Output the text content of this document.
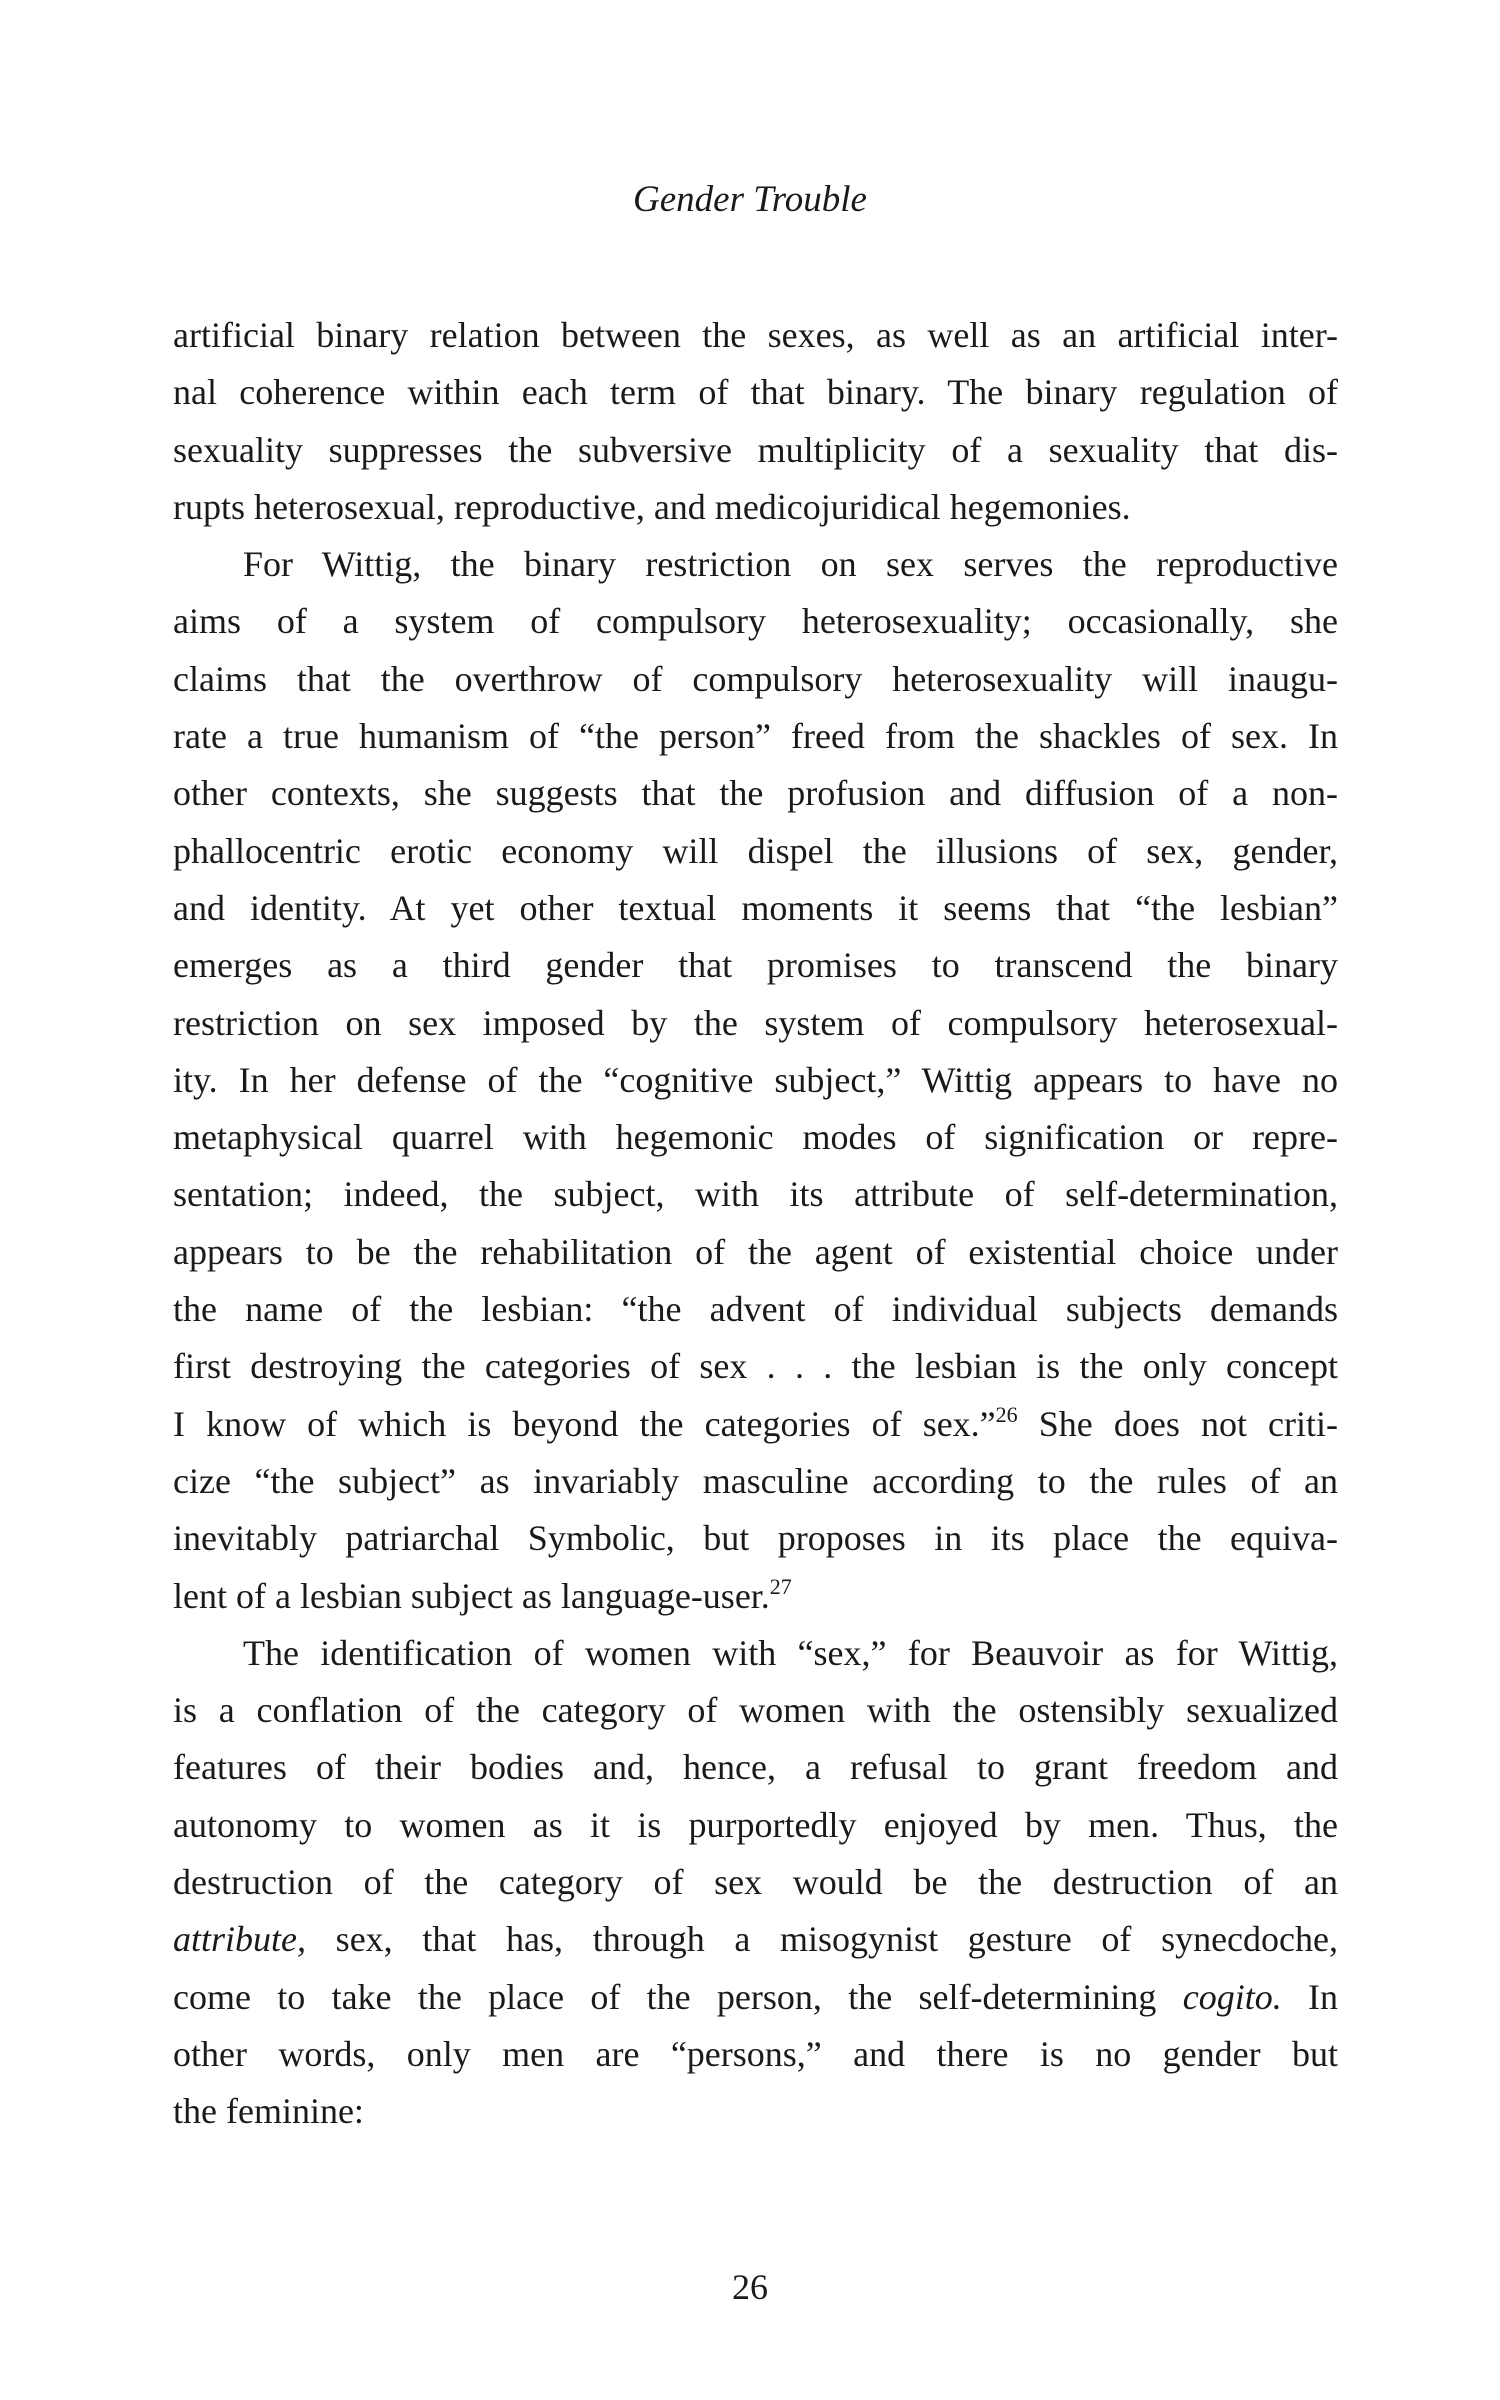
Gender Trouble
artificial binary relation between the sexes, as well as an artificial inter-
nal coherence within each term of that binary. The binary regulation of
sexuality suppresses the subversive multiplicity of a sexuality that dis-
rupts heterosexual, reproductive, and medicojuridical hegemonies.
For Wittig, the binary restriction on sex serves the reproductive
aims of a system of compulsory heterosexuality; occasionally, she
claims that the overthrow of compulsory heterosexuality will inaugu-
rate a true humanism of “the person” freed from the shackles of sex. In
other contexts, she suggests that the profusion and diffusion of a non-
phallocentric erotic economy will dispel the illusions of sex, gender,
and identity. At yet other textual moments it seems that “the lesbian”
emerges as a third gender that promises to transcend the binary
restriction on sex imposed by the system of compulsory heterosexual-
ity. In her defense of the “cognitive subject,” Wittig appears to have no
metaphysical quarrel with hegemonic modes of signification or repre-
sentation; indeed, the subject, with its attribute of self-determination,
appears to be the rehabilitation of the agent of existential choice under
the name of the lesbian: “the advent of individual subjects demands
first destroying the categories of sex . . . the lesbian is the only concept
I know of which is beyond the categories of sex.”$^{26}$ She does not criti-
cize “the subject” as invariably masculine according to the rules of an
inevitably patriarchal Symbolic, but proposes in its place the equiva-
lent of a lesbian subject as language-user.$^{27}$
The identification of women with “sex,” for Beauvoir as for Wittig,
is a conflation of the category of women with the ostensibly sexualized
features of their bodies and, hence, a refusal to grant freedom and
autonomy to women as it is purportedly enjoyed by men. Thus, the
destruction of the category of sex would be the destruction of an
attribute, sex, that has, through a misogynist gesture of synecdoche,
come to take the place of the person, the self-determining cogito. In
other words, only men are “persons,” and there is no gender but
the feminine:
26
